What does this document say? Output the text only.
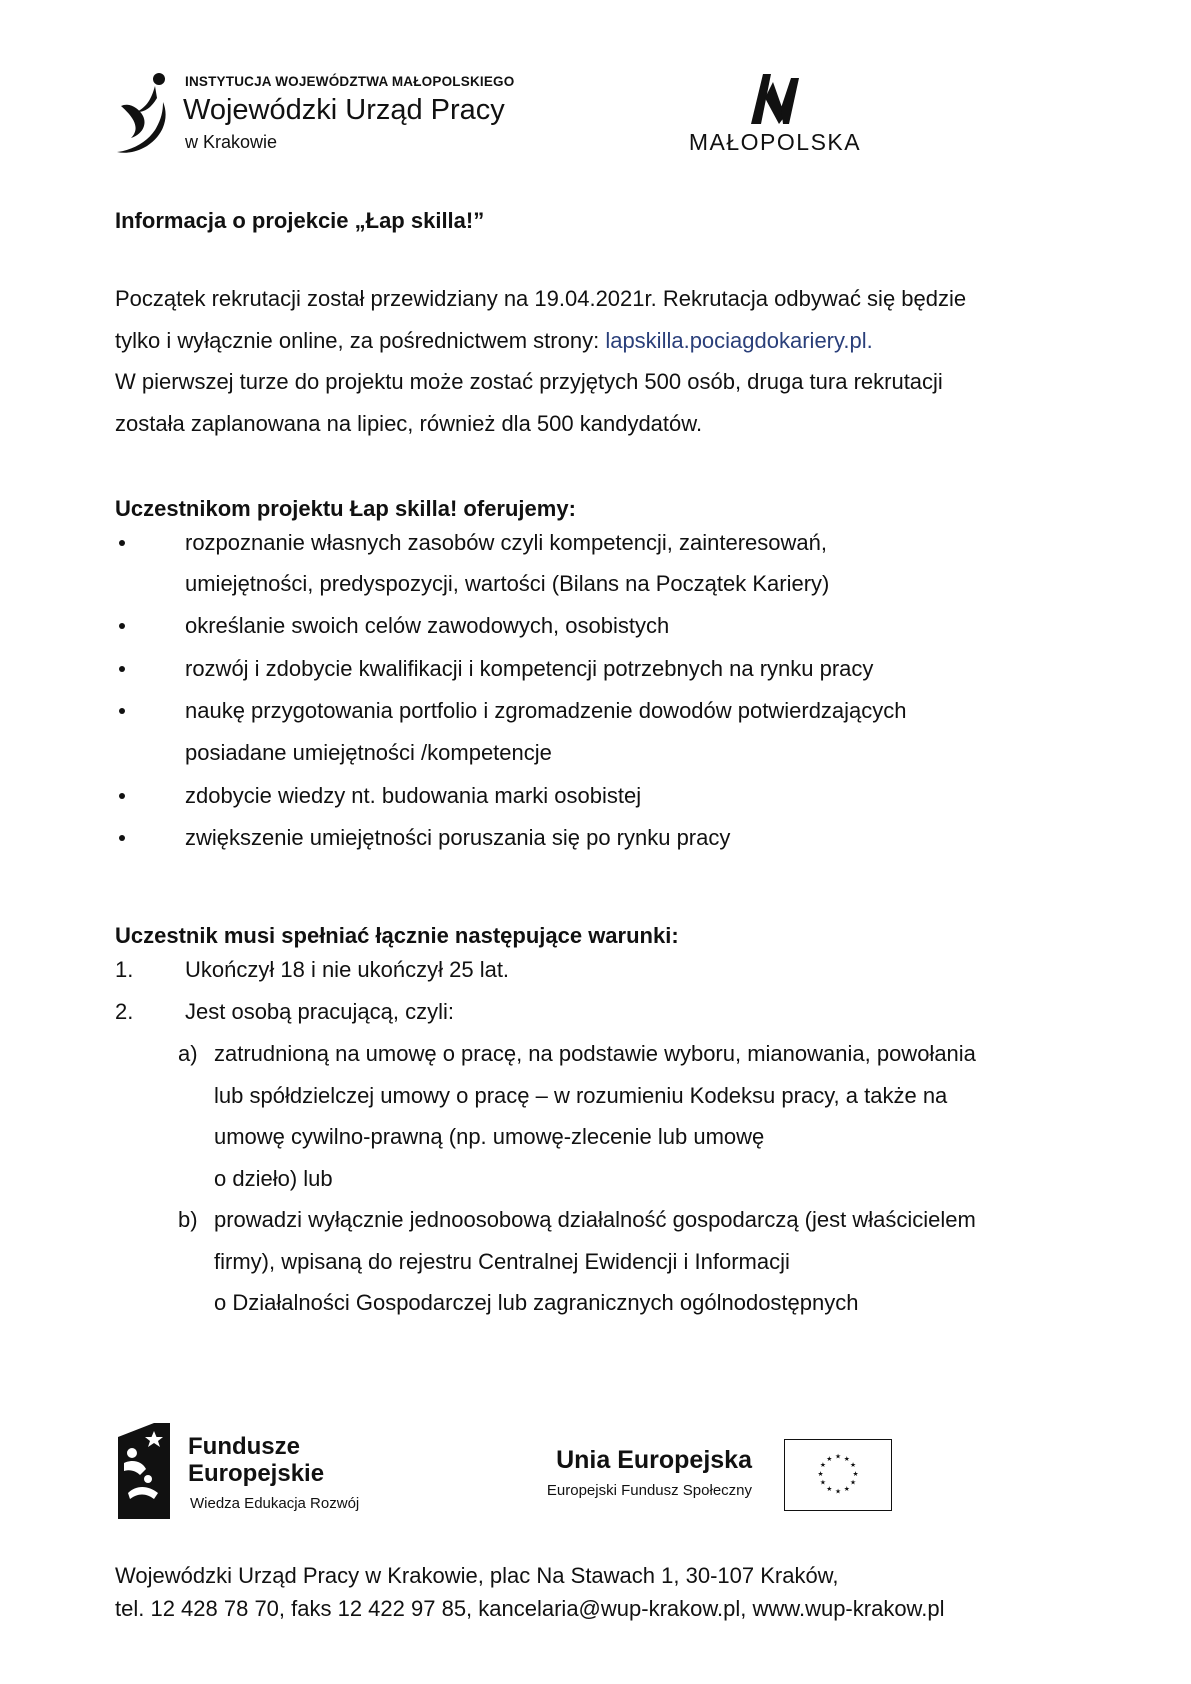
INSTYTUCJA WOJEWÓDZTWA MAŁOPOLSKIEGO
Wojewódzki Urząd Pracy
w Krakowie	MAŁOPOLSKA
Informacja o projekcie „Łap skilla!”
Początek rekrutacji został przewidziany na 19.04.2021r. Rekrutacja odbywać się będzie
tylko i wyłącznie online, za pośrednictwem strony: lapskilla.pociagdokariery.pl.
W pierwszej turze do projektu może zostać przyjętych 500 osób, druga tura rekrutacji
została zaplanowana na lipiec, również dla 500 kandydatów.
Uczestnikom projektu Łap skilla! oferujemy:
rozpoznanie własnych zasobów czyli kompetencji, zainteresowań,
umiejętności, predyspozycji, wartości (Bilans na Początek Kariery)
określanie swoich celów zawodowych, osobistych
rozwój i zdobycie kwalifikacji i kompetencji potrzebnych na rynku pracy
naukę przygotowania portfolio i zgromadzenie dowodów potwierdzających
posiadane umiejętności /kompetencje
zdobycie wiedzy nt. budowania marki osobistej
zwiększenie umiejętności poruszania się po rynku pracy
Uczestnik musi spełniać łącznie następujące warunki:
1. Ukończył 18 i nie ukończył 25 lat.
2. Jest osobą pracującą, czyli:
a) zatrudnioną na umowę o pracę, na podstawie wyboru, mianowania, powołania
lub spółdzielczej umowy o pracę – w rozumieniu Kodeksu pracy, a także na
umowę cywilno-prawną (np. umowę-zlecenie lub umowę
o dzieło) lub
b) prowadzi wyłącznie jednoosobową działalność gospodarczą (jest właścicielem
firmy), wpisaną do rejestru Centralnej Ewidencji i Informacji
o Działalności Gospodarczej lub zagranicznych ogólnodostępnych
Fundusze
Europejskie
Wiedza Edukacja Rozwój
Unia Europejska
Europejski Fundusz Społeczny
★ ★
★
★
★
★
★
★
★
★
★
★
Wojewódzki Urząd Pracy w Krakowie, plac Na Stawach 1, 30-107 Kraków,
tel. 12 428 78 70, faks 12 422 97 85, kancelaria@wup-krakow.pl, www.wup-krakow.pl
